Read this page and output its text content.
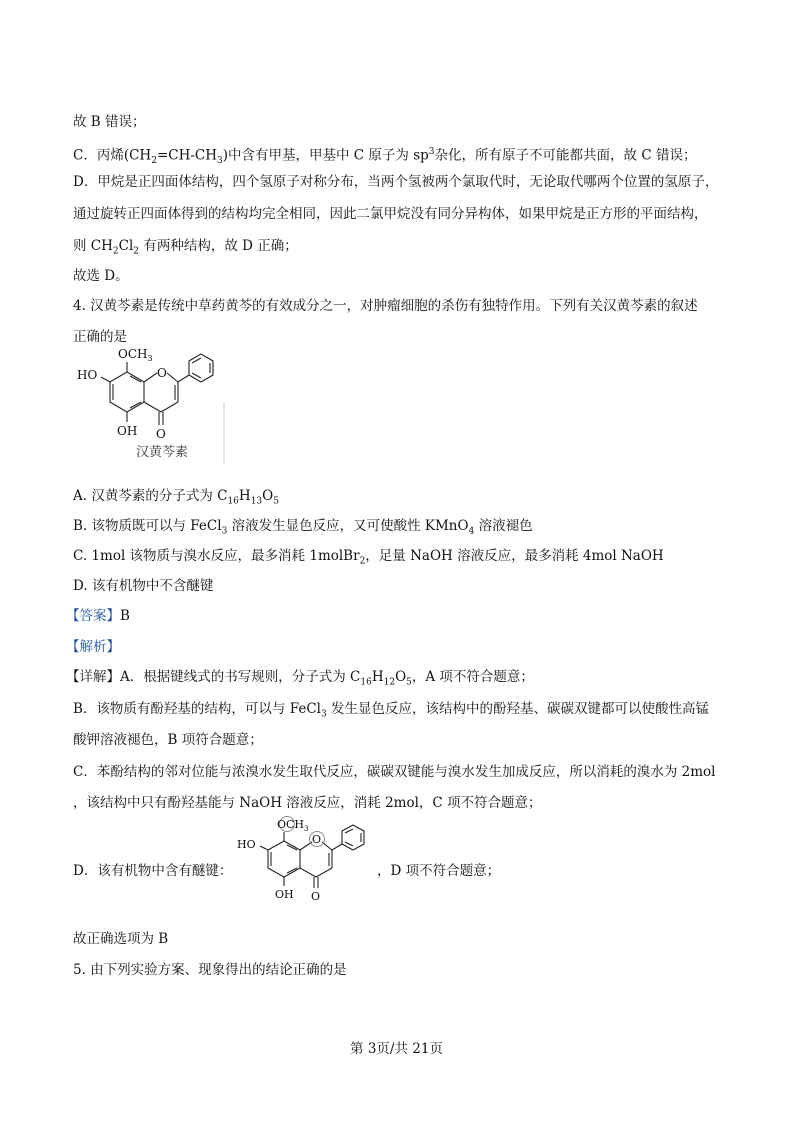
故 B 错误；
C．丙烯$(CH_2=CH-CH_3)$中含有甲基，甲基中 C 原子为 $sp^3$杂化，所有原子不可能都共面，故 C 错误；
D．甲烷是正四面体结构，四个氢原子对称分布，当两个氢被两个氯取代时，无论取代哪两个位置的氢原子，
通过旋转正四面体得到的结构均完全相同，因此二氯甲烷没有同分异构体，如果甲烷是正方形的平面结构，
则 $CH_2Cl_2$ 有两种结构，故 D 正确；
故选 D。
4. 汉黄芩素是传统中草药黄芩的有效成分之一，对肿瘤细胞的杀伤有独特作用。下列有关汉黄芩素的叙述
正确的是
$OCH_3$
HO	O
O
OH
汉黄芩素
A. 汉黄芩素的分子式为 $C_{16}H_{13}O_5$
B. 该物质既可以与 FeCl$_3$ 溶液发生显色反应，又可使酸性 KMnO$_4$ 溶液褪色
C. 1mol 该物质与溴水反应，最多消耗 1molBr$_2$，足量 NaOH 溶液反应，最多消耗 4mol NaOH
D. 该有机物中不含醚键
【答案】B
【解析】
【详解】A．根据键线式的书写规则，分子式为 $C_{16}H_{12}O_5$，A 项不符合题意；
B．该物质有酚羟基的结构，可以与 FeCl$_3$ 发生显色反应，该结构中的酚羟基、碳碳双键都可以使酸性高锰
酸钾溶液褪色，B 项符合题意；
C．苯酚结构的邻对位能与浓溴水发生取代反应，碳碳双键能与溴水发生加成反应，所以消耗的溴水为 2mol
，该结构中只有酚羟基能与 NaOH 溶液反应，消耗 2mol，C 项不符合题意；
D．该有机物中含有醚键：
$OCH_3$
HO	O
O
OH
，D 项不符合题意；
故正确选项为 B
5. 由下列实验方案、现象得出的结论正确的是
第 3页/共 21页
